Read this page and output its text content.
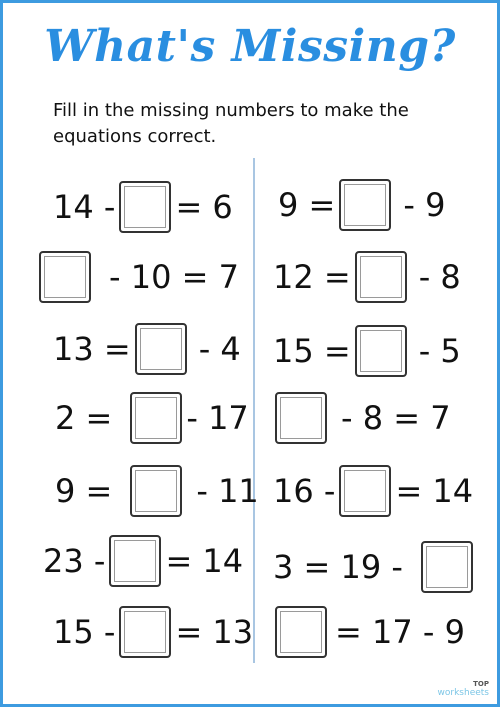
What's Missing?
Fill in the missing numbers to make the equations correct.
14 - = 6
- 10 = 7
13 = - 4
2 = - 17
9 =	- 11
23 - = 14
15 - = 13
9 = - 9
12 = - 8
15 = - 5
- 8 = 7
16 - = 14
3 = 19 -
= 17 - 9
TOP
worksheets
